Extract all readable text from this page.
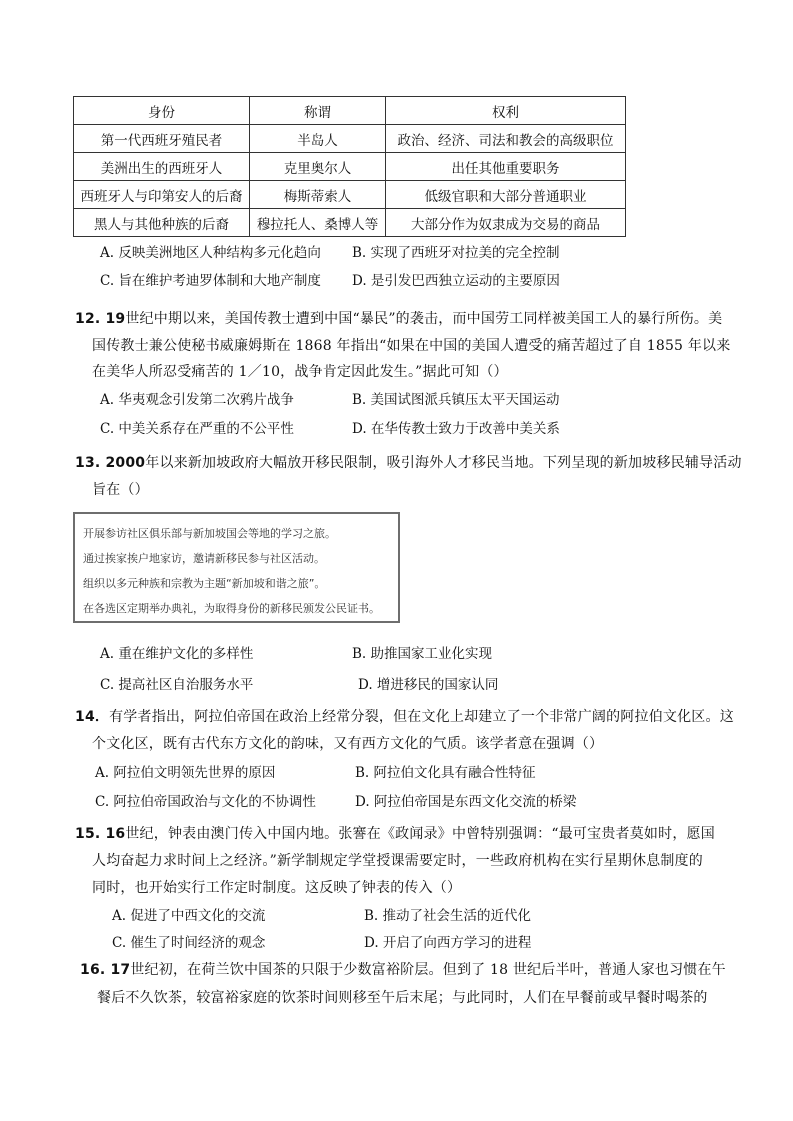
身份	称谓	权利
第一代西班牙殖民者	半岛人	政治、经济、司法和教会的高级职位
美洲出生的西班牙人	克里奥尔人	出任其他重要职务
西班牙人与印第安人的后裔	梅斯蒂索人	低级官职和大部分普通职业
黑人与其他种族的后裔	穆拉托人、桑博人等	大部分作为奴隶成为交易的商品
A. 反映美洲地区人种结构多元化趋向 B. 实现了西班牙对拉美的完全控制
C. 旨在维护考迪罗体制和大地产制度 D. 是引发巴西独立运动的主要原因
12. 19世纪中期以来，美国传教士遭到中国“暴民”的袭击，而中国劳工同样被美国工人的暴行所伤。美
国传教士兼公使秘书威廉姆斯在 1868 年指出“如果在中国的美国人遭受的痛苦超过了自 1855 年以来
在美华人所忍受痛苦的 1／10，战争肯定因此发生。”据此可知（）
A. 华夷观念引发第二次鸦片战争	B. 美国试图派兵镇压太平天国运动
C. 中美关系存在严重的不公平性	D. 在华传教士致力于改善中美关系
13. 2000年以来新加坡政府大幅放开移民限制，吸引海外人才移民当地。下列呈现的新加坡移民辅导活动
旨在（）
开展参访社区俱乐部与新加坡国会等地的学习之旅。
通过挨家挨户地家访，邀请新移民参与社区活动。
组织以多元种族和宗教为主题“新加坡和谐之旅”。
在各选区定期举办典礼，为取得身份的新移民颁发公民证书。
A. 重在维护文化的多样性	B. 助推国家工业化实现
C. 提高社区自治服务水平	D. 增进移民的国家认同
14．有学者指出，阿拉伯帝国在政治上经常分裂，但在文化上却建立了一个非常广阔的阿拉伯文化区。这
个文化区，既有古代东方文化的韵味，又有西方文化的气质。该学者意在强调（）
A. 阿拉伯文明领先世界的原因	B. 阿拉伯文化具有融合性特征
C. 阿拉伯帝国政治与文化的不协调性	D. 阿拉伯帝国是东西文化交流的桥梁
15. 16世纪，钟表由澳门传入中国内地。张謇在《政闻录》中曾特别强调：“最可宝贵者莫如时，愿国
人均奋起力求时间上之经济。”新学制规定学堂授课需要定时，一些政府机构在实行星期休息制度的
同时，也开始实行工作定时制度。这反映了钟表的传入（）
A. 促进了中西文化的交流	B. 推动了社会生活的近代化
C. 催生了时间经济的观念	D. 开启了向西方学习的进程
16. 17世纪初，在荷兰饮中国茶的只限于少数富裕阶层。但到了 18 世纪后半叶，普通人家也习惯在午
餐后不久饮茶，较富裕家庭的饮茶时间则移至午后末尾；与此同时，人们在早餐前或早餐时喝茶的
